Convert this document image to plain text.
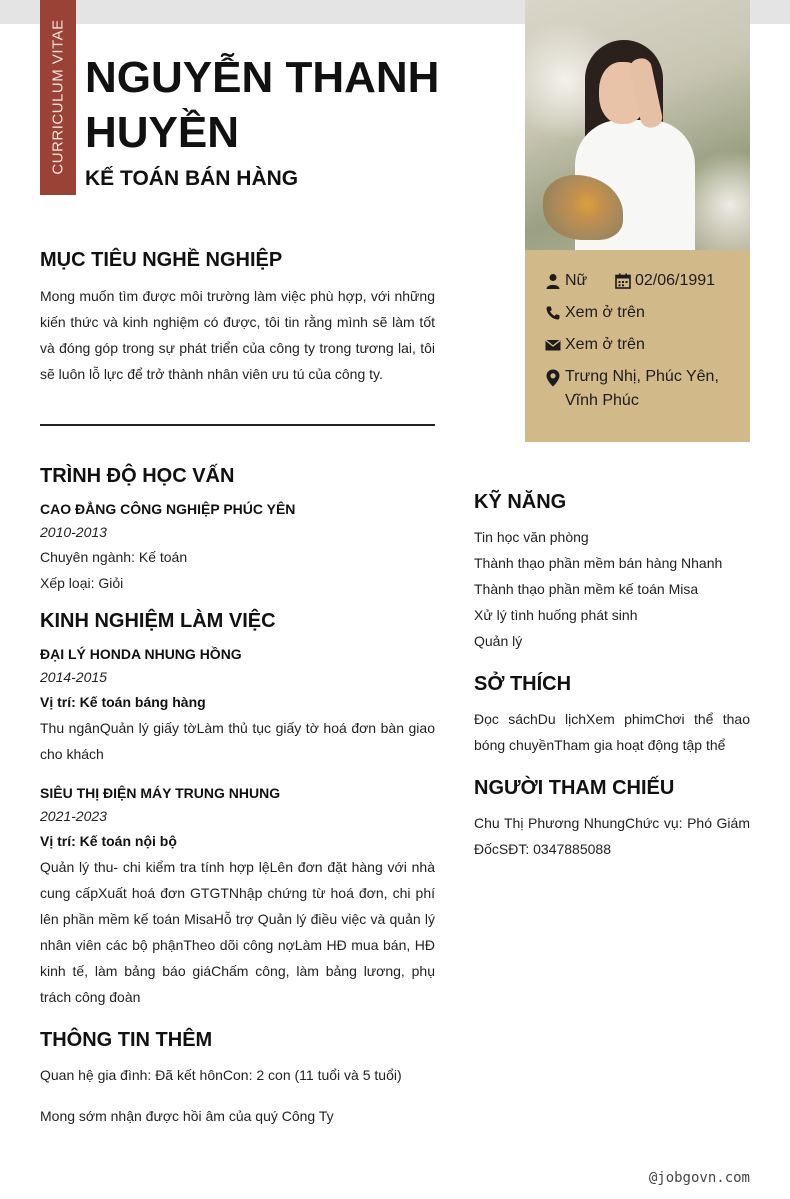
CURRICULUM VITAE NGUYỄN THANH HUYỀN
KẾ TOÁN BÁN HÀNG
Nữ	02/06/1991
Xem ở trên
Xem ở trên
Trưng Nhị, Phúc Yên, Vĩnh Phúc
MỤC TIÊU NGHỀ NGHIỆP
Mong muốn tìm được môi trường làm việc phù hợp, với những kiến thức và kinh nghiệm có được, tôi tin rằng mình sẽ làm tốt và đóng góp trong sự phát triển của công ty trong tương lai, tôi sẽ luôn lỗ lực để trở thành nhân viên ưu tú của công ty.
TRÌNH ĐỘ HỌC VẤN
CAO ĐẲNG CÔNG NGHIỆP PHÚC YÊN
2010-2013
Chuyên ngành: Kế toán
Xếp loại: Giỏi
KINH NGHIỆM LÀM VIỆC
ĐẠI LÝ HONDA NHUNG HỒNG
2014-2015
Vị trí: Kế toán báng hàng
Thu ngânQuản lý giấy tờLàm thủ tục giấy tờ hoá đơn bàn giao cho khách
SIÊU THỊ ĐIỆN MÁY TRUNG NHUNG
2021-2023
Vị trí: Kế toán nội bộ
Quản lý thu- chi kiểm tra tính hợp lệLên đơn đặt hàng với nhà cung cấpXuất hoá đơn GTGTNhập chứng từ hoá đơn, chi phí lên phần mềm kế toán MisaHỗ trợ Quản lý điều việc và quản lý nhân viên các bộ phậnTheo dõi công nợLàm HĐ mua bán, HĐ kinh tế, làm bảng báo giáChấm công, làm bảng lương, phụ trách công đoàn
THÔNG TIN THÊM
Quan hệ gia đình: Đã kết hônCon: 2 con (11 tuổi và 5 tuổi)
Mong sớm nhận được hồi âm của quý Công Ty
KỸ NĂNG
Tin học văn phòng
Thành thạo phần mềm bán hàng Nhanh
Thành thạo phần mềm kế toán Misa
Xử lý tình huống phát sinh
Quản lý
SỞ THÍCH
Đọc sáchDu lịchXem phimChơi thể thao bóng chuyềnTham gia hoạt động tập thể
NGƯỜI THAM CHIẾU
Chu Thị Phương NhungChức vụ: Phó Giám ĐốcSĐT: 0347885088
@jobgovn.com
